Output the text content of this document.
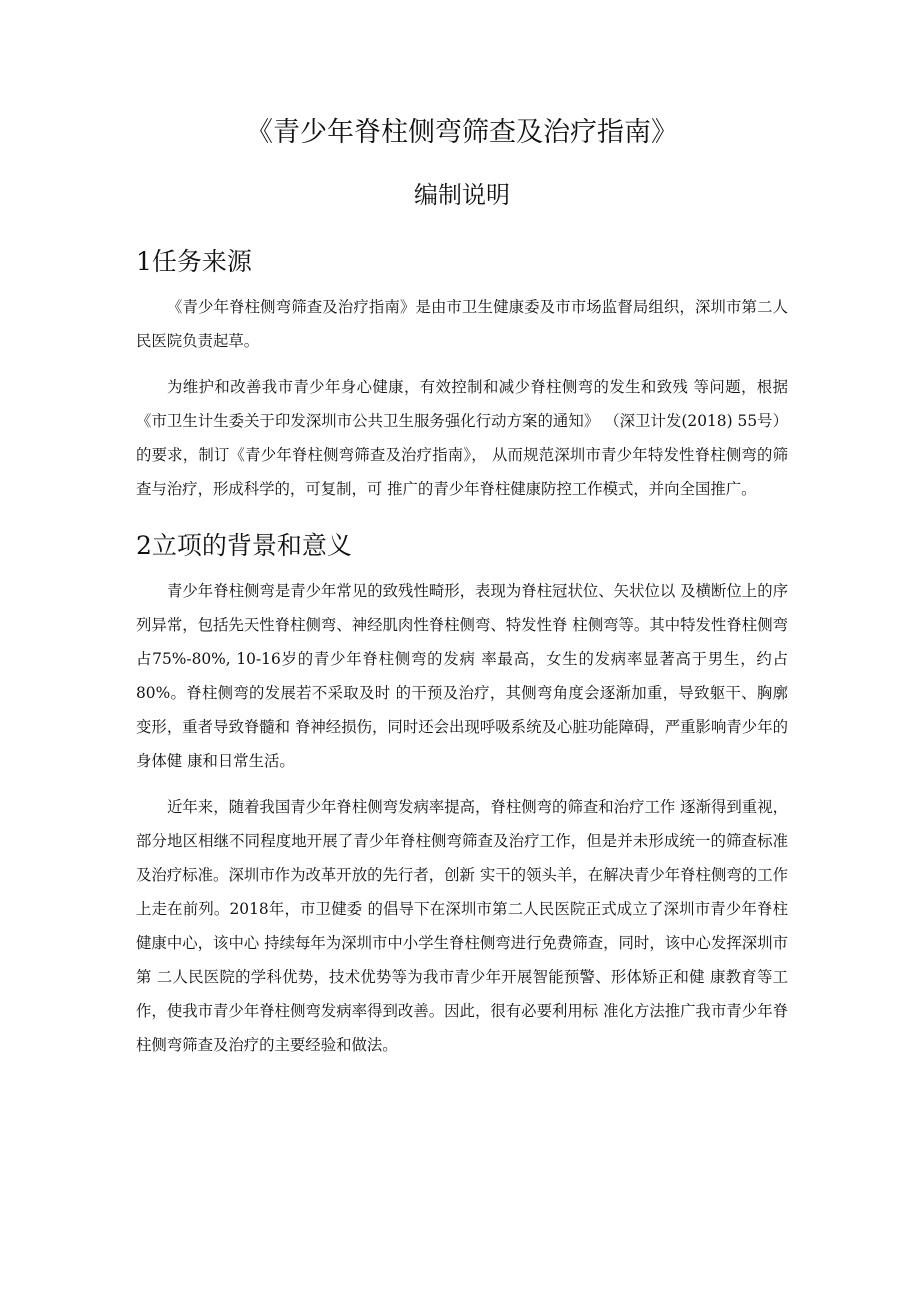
《青少年脊柱侧弯筛查及治疗指南》
编制说明
1任务来源

《青少年脊柱侧弯筛查及治疗指南》是由市卫生健康委及市市场监督局组织，深圳市第二人民医院负责起草。

为维护和改善我市青少年身心健康，有效控制和减少脊柱侧弯的发生和致残 等问题，根据《市卫生计生委关于印发深圳市公共卫生服务强化行动方案的通知》 （深卫计发(2018) 55号）的要求，制订《青少年脊柱侧弯筛查及治疗指南》， 从而规范深圳市青少年特发性脊柱侧弯的筛查与治疗，形成科学的，可复制，可 推广的青少年脊柱健康防控工作模式，并向全国推广。

2立项的背景和意义

青少年脊柱侧弯是青少年常见的致残性畸形，表现为脊柱冠状位、矢状位以 及横断位上的序列异常，包括先天性脊柱侧弯、神经肌肉性脊柱侧弯、特发性脊 柱侧弯等。其中特发性脊柱侧弯占75%-80%, 10-16岁的青少年脊柱侧弯的发病 率最高，女生的发病率显著高于男生，约占80%。脊柱侧弯的发展若不采取及时 的干预及治疗，其侧弯角度会逐渐加重，导致躯干、胸廓变形，重者导致脊髓和 脊神经损伤，同时还会出现呼吸系统及心脏功能障碍，严重影响青少年的身体健 康和日常生活。

近年来，随着我国青少年脊柱侧弯发病率提高，脊柱侧弯的筛查和治疗工作 逐渐得到重视，部分地区相继不同程度地开展了青少年脊柱侧弯筛查及治疗工作，但是并未形成统一的筛查标准及治疗标准。深圳市作为改革开放的先行者，创新 实干的领头羊，在解决青少年脊柱侧弯的工作上走在前列。2018年，市卫健委 的倡导下在深圳市第二人民医院正式成立了深圳市青少年脊柱健康中心，该中心 持续每年为深圳市中小学生脊柱侧弯进行免费筛查，同时，该中心发挥深圳市第 二人民医院的学科优势，技术优势等为我市青少年开展智能预警、形体矫正和健 康教育等工作，使我市青少年脊柱侧弯发病率得到改善。因此，很有必要利用标 准化方法推广我市青少年脊柱侧弯筛查及治疗的主要经验和做法。
